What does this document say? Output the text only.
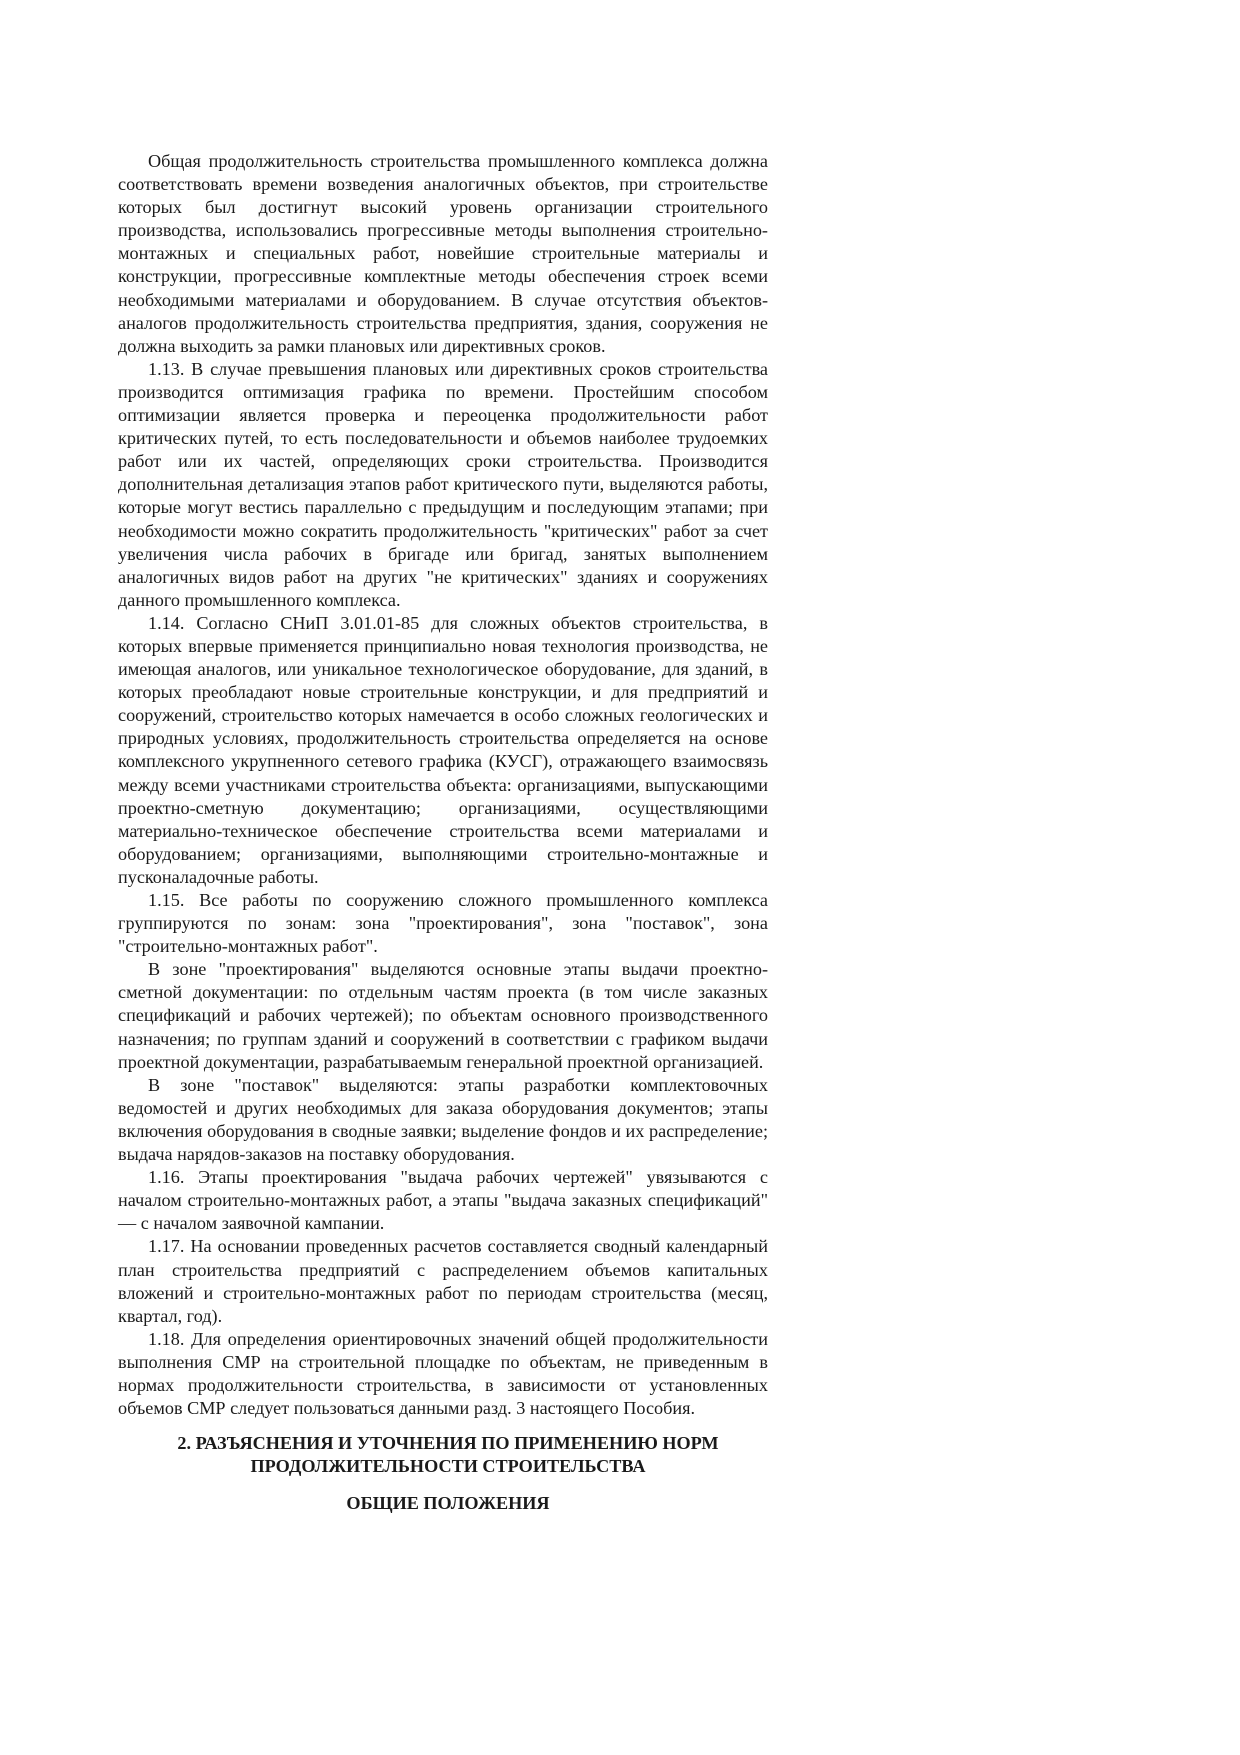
Общая продолжительность строительства промышленного комплекса должна соответствовать времени возведения аналогичных объектов, при строительстве которых был достигнут высокий уровень организации строительного производства, использовались прогрессивные методы выполнения строительно-монтажных и специальных работ, новейшие строительные материалы и конструкции, прогрессивные комплектные методы обеспечения строек всеми необходимыми материалами и оборудованием. В случае отсутствия объектов-аналогов продолжительность строительства предприятия, здания, сооружения не должна выходить за рамки плановых или директивных сроков.

1.13. В случае превышения плановых или директивных сроков строительства производится оптимизация графика по времени. Простейшим способом оптимизации является проверка и переоценка продолжительности работ критических путей, то есть последовательности и объемов наиболее трудоемких работ или их частей, определяющих сроки строительства. Производится дополнительная детализация этапов работ критического пути, выделяются работы, которые могут вестись параллельно с предыдущим и последующим этапами; при необходимости можно сократить продолжительность "критических" работ за счет увеличения числа рабочих в бригаде или бригад, занятых выполнением аналогичных видов работ на других "не критических" зданиях и сооружениях данного промышленного комплекса.

1.14. Согласно СНиП 3.01.01-85 для сложных объектов строительства, в которых впервые применяется принципиально новая технология производства, не имеющая аналогов, или уникальное технологическое оборудование, для зданий, в которых преобладают новые строительные конструкции, и для предприятий и сооружений, строительство которых намечается в особо сложных геологических и природных условиях, продолжительность строительства определяется на основе комплексного укрупненного сетевого графика (КУСГ), отражающего взаимосвязь между всеми участниками строительства объекта: организациями, выпускающими проектно-сметную документацию; организациями, осуществляющими материально-техническое обеспечение строительства всеми материалами и оборудованием; организациями, выполняющими строительно-монтажные и пусконаладочные работы.

1.15. Все работы по сооружению сложного промышленного комплекса группируются по зонам: зона "проектирования", зона "поставок", зона "строительно-монтажных работ".

В зоне "проектирования" выделяются основные этапы выдачи проектно-сметной документации: по отдельным частям проекта (в том числе заказных спецификаций и рабочих чертежей); по объектам основного производственного назначения; по группам зданий и сооружений в соответствии с графиком выдачи проектной документации, разрабатываемым генеральной проектной организацией.

В зоне "поставок" выделяются: этапы разработки комплектовочных ведомостей и других необходимых для заказа оборудования документов; этапы включения оборудования в сводные заявки; выделение фондов и их распределение; выдача нарядов-заказов на поставку оборудования.

1.16. Этапы проектирования "выдача рабочих чертежей" увязываются с началом строительно-монтажных работ, а этапы "выдача заказных спецификаций" — с началом заявочной кампании.

1.17. На основании проведенных расчетов составляется сводный календарный план строительства предприятий с распределением объемов капитальных вложений и строительно-монтажных работ по периодам строительства (месяц, квартал, год).

1.18. Для определения ориентировочных значений общей продолжительности выполнения СМР на строительной площадке по объектам, не приведенным в нормах продолжительности строительства, в зависимости от установленных объемов СМР следует пользоваться данными разд. 3 настоящего Пособия.

2. РАЗЪЯСНЕНИЯ И УТОЧНЕНИЯ ПО ПРИМЕНЕНИЮ НОРМ
ПРОДОЛЖИТЕЛЬНОСТИ СТРОИТЕЛЬСТВА
ОБЩИЕ ПОЛОЖЕНИЯ
